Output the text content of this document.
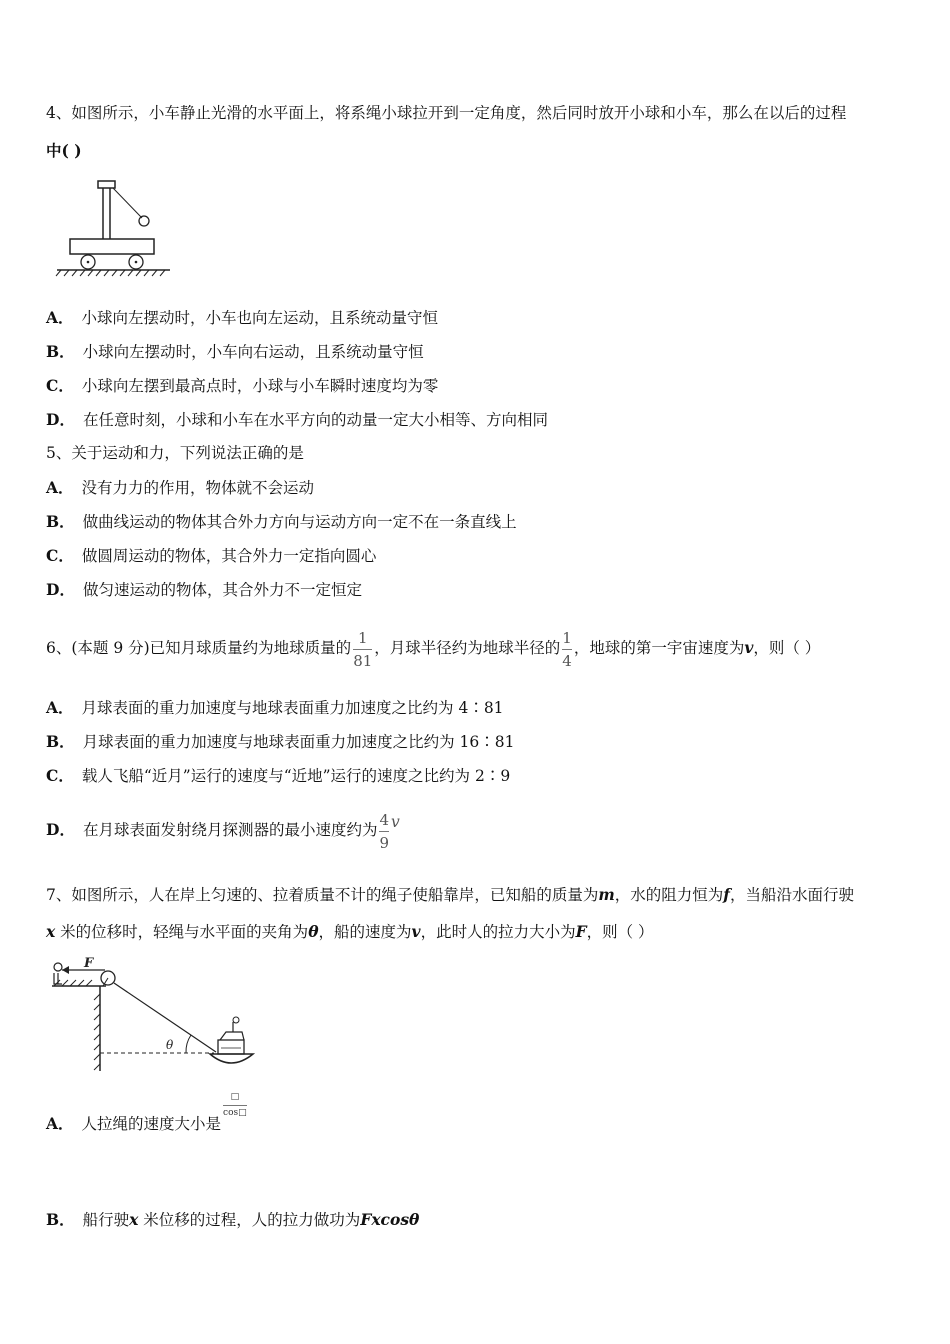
4、如图所示，小车静止光滑的水平面上，将系绳小球拉开到一定角度，然后同时放开小球和小车，那么在以后的过程
中( )
A． 小球向左摆动时，小车也向左运动，且系统动量守恒
B． 小球向左摆动时，小车向右运动，且系统动量守恒
C． 小球向左摆到最高点时，小球与小车瞬时速度均为零
D． 在任意时刻，小球和小车在水平方向的动量一定大小相等、方向相同
5、关于运动和力，下列说法正确的是
A． 没有力力的作用，物体就不会运动
B． 做曲线运动的物体其合外力方向与运动方向一定不在一条直线上
C． 做圆周运动的物体，其合外力一定指向圆心
D． 做匀速运动的物体，其合外力不一定恒定
6、(本题 9 分)已知月球质量约为地球质量的 $\frac{1}{81}$ ，月球半径约为地球半径的 $\frac{1}{4}$ ，地球的第一宇宙速度为v，则（ ）
A． 月球表面的重力加速度与地球表面重力加速度之比约为 4∶81
B． 月球表面的重力加速度与地球表面重力加速度之比约为 16∶81
C． 载人飞船“近月”运行的速度与“近地”运行的速度之比约为 2∶9
D． 在月球表面发射绕月探测器的最小速度约为 $\frac{4}{9}$ v
7、如图所示，人在岸上匀速的、拉着质量不计的绳子使船靠岸，已知船的质量为m，水的阻力恒为f，当船沿水面行驶
x 米的位移时，轻绳与水平面的夹角为θ，船的速度为v，此时人的拉力大小为F，则（ ）
F
θ
A． 人拉绳的速度大小是
$\frac{□}{\cos□}$
B． 船行驶x 米位移的过程，人的拉力做功为Fxcosθ
